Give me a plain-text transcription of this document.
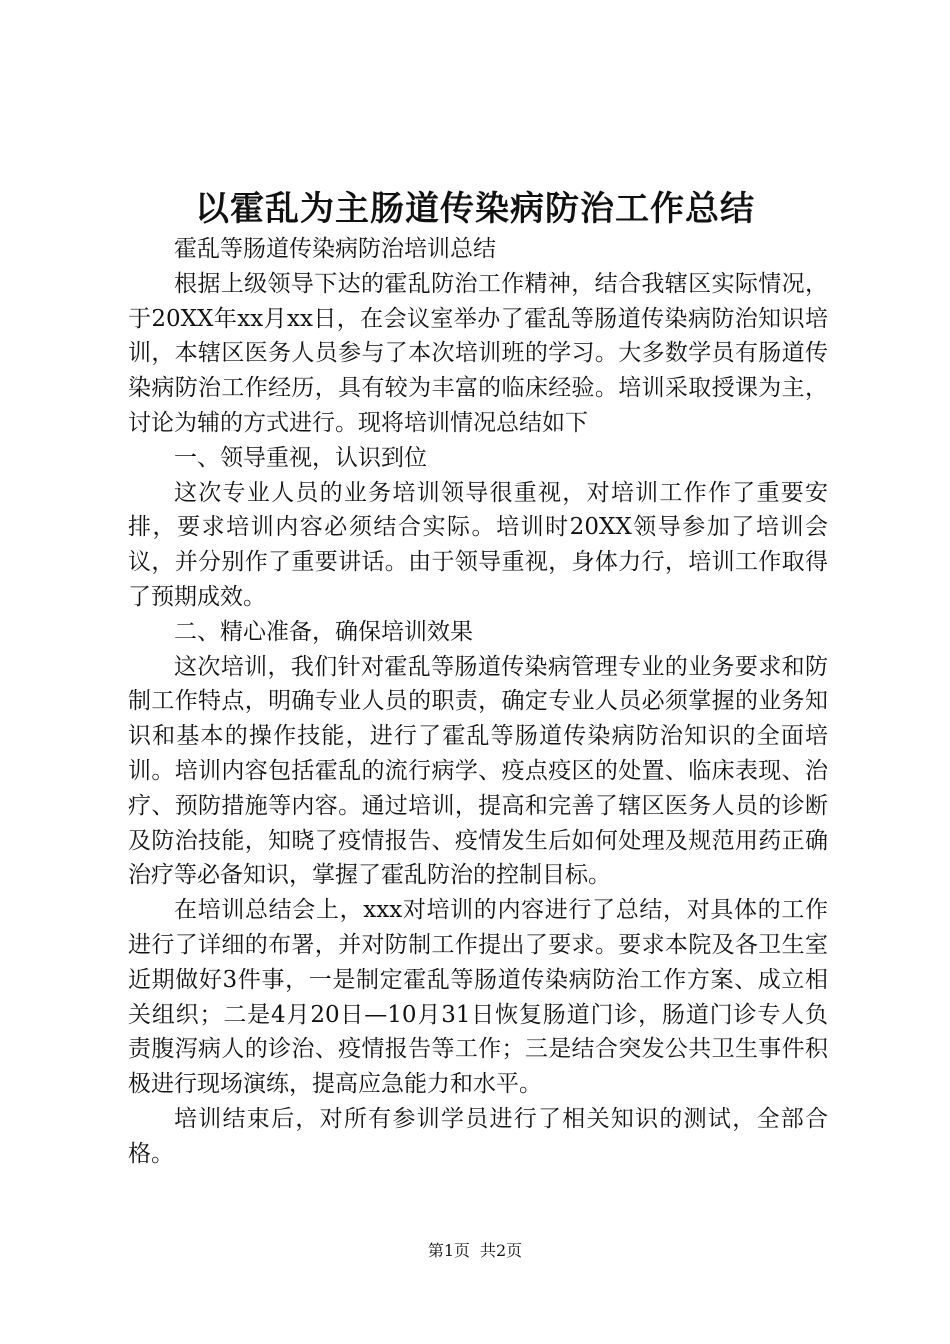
以霍乱为主肠道传染病防治工作总结

霍乱等肠道传染病防治培训总结

根据上级领导下达的霍乱防治工作精神，结合我辖区实际情况，于20XX年xx月xx日，在会议室举办了霍乱等肠道传染病防治知识培训，本辖区医务人员参与了本次培训班的学习。大多数学员有肠道传染病防治工作经历，具有较为丰富的临床经验。培训采取授课为主，讨论为辅的方式进行。现将培训情况总结如下

一、领导重视，认识到位

这次专业人员的业务培训领导很重视，对培训工作作了重要安排，要求培训内容必须结合实际。培训时20XX领导参加了培训会议，并分别作了重要讲话。由于领导重视，身体力行，培训工作取得了预期成效。

二、精心准备，确保培训效果

这次培训，我们针对霍乱等肠道传染病管理专业的业务要求和防制工作特点，明确专业人员的职责，确定专业人员必须掌握的业务知识和基本的操作技能，进行了霍乱等肠道传染病防治知识的全面培训。培训内容包括霍乱的流行病学、疫点疫区的处置、临床表现、治疗、预防措施等内容。通过培训，提高和完善了辖区医务人员的诊断及防治技能，知晓了疫情报告、疫情发生后如何处理及规范用药正确治疗等必备知识，掌握了霍乱防治的控制目标。

在培训总结会上，xxx对培训的内容进行了总结，对具体的工作进行了详细的布署，并对防制工作提出了要求。要求本院及各卫生室近期做好3件事，一是制定霍乱等肠道传染病防治工作方案、成立相关组织；二是4月20日—10月31日恢复肠道门诊，肠道门诊专人负责腹泻病人的诊治、疫情报告等工作；三是结合突发公共卫生事件积极进行现场演练，提高应急能力和水平。

培训结束后，对所有参训学员进行了相关知识的测试，全部合格。

第1页 共2页
